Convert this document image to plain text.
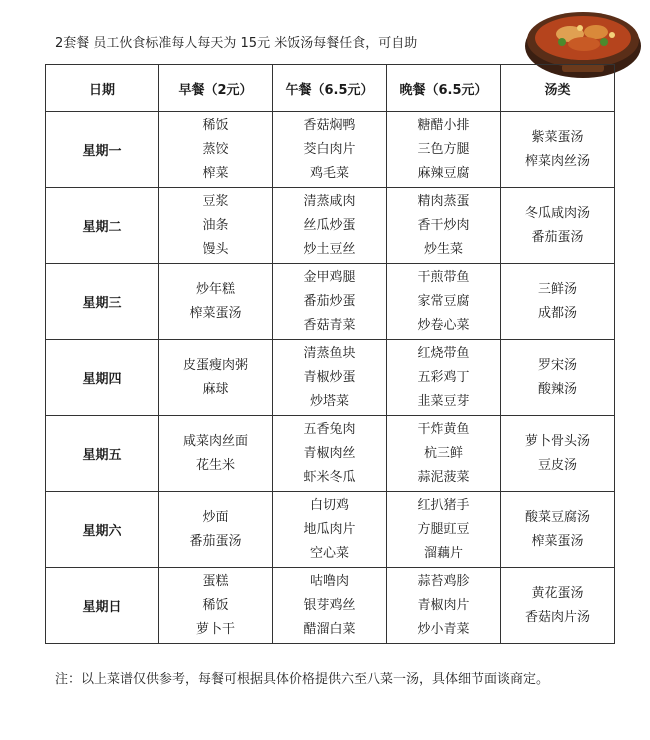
2套餐 员工伙食标准每人每天为 15元 米饭汤每餐任食，可自助
日期	早餐（2元）	午餐（6.5元）	晚餐（6.5元）	汤类
星期一	稀饭
蒸饺
榨菜	香菇焖鸭
茭白肉片
鸡毛菜	糖醋小排
三色方腿
麻辣豆腐	紫菜蛋汤
榨菜肉丝汤

星期二	豆浆
油条
馒头	清蒸咸肉
丝瓜炒蛋
炒土豆丝	精肉蒸蛋
香干炒肉
炒生菜	冬瓜咸肉汤
番茄蛋汤

星期三	炒年糕
榨菜蛋汤	金甲鸡腿
番茄炒蛋
香菇青菜	干煎带鱼
家常豆腐
炒卷心菜	三鲜汤
成都汤

星期四	皮蛋瘦肉粥
麻球	清蒸鱼块
青椒炒蛋
炒塔菜	红烧带鱼
五彩鸡丁
韭菜豆芽	罗宋汤
酸辣汤

星期五	咸菜肉丝面
花生米	五香兔肉
青椒肉丝
虾米冬瓜	干炸黄鱼
杭三鲜
蒜泥菠菜	萝卜骨头汤
豆皮汤

星期六	炒面
番茄蛋汤	白切鸡
地瓜肉片
空心菜	红扒猪手
方腿豇豆
溜藕片	酸菜豆腐汤
榨菜蛋汤

星期日	蛋糕
稀饭
萝卜干	咕噜肉
银芽鸡丝
醋溜白菜	蒜苔鸡胗
青椒肉片
炒小青菜	黄花蛋汤
香菇肉片汤
注：以上菜谱仅供参考，每餐可根据具体价格提供六至八菜一汤，具体细节面谈商定。
